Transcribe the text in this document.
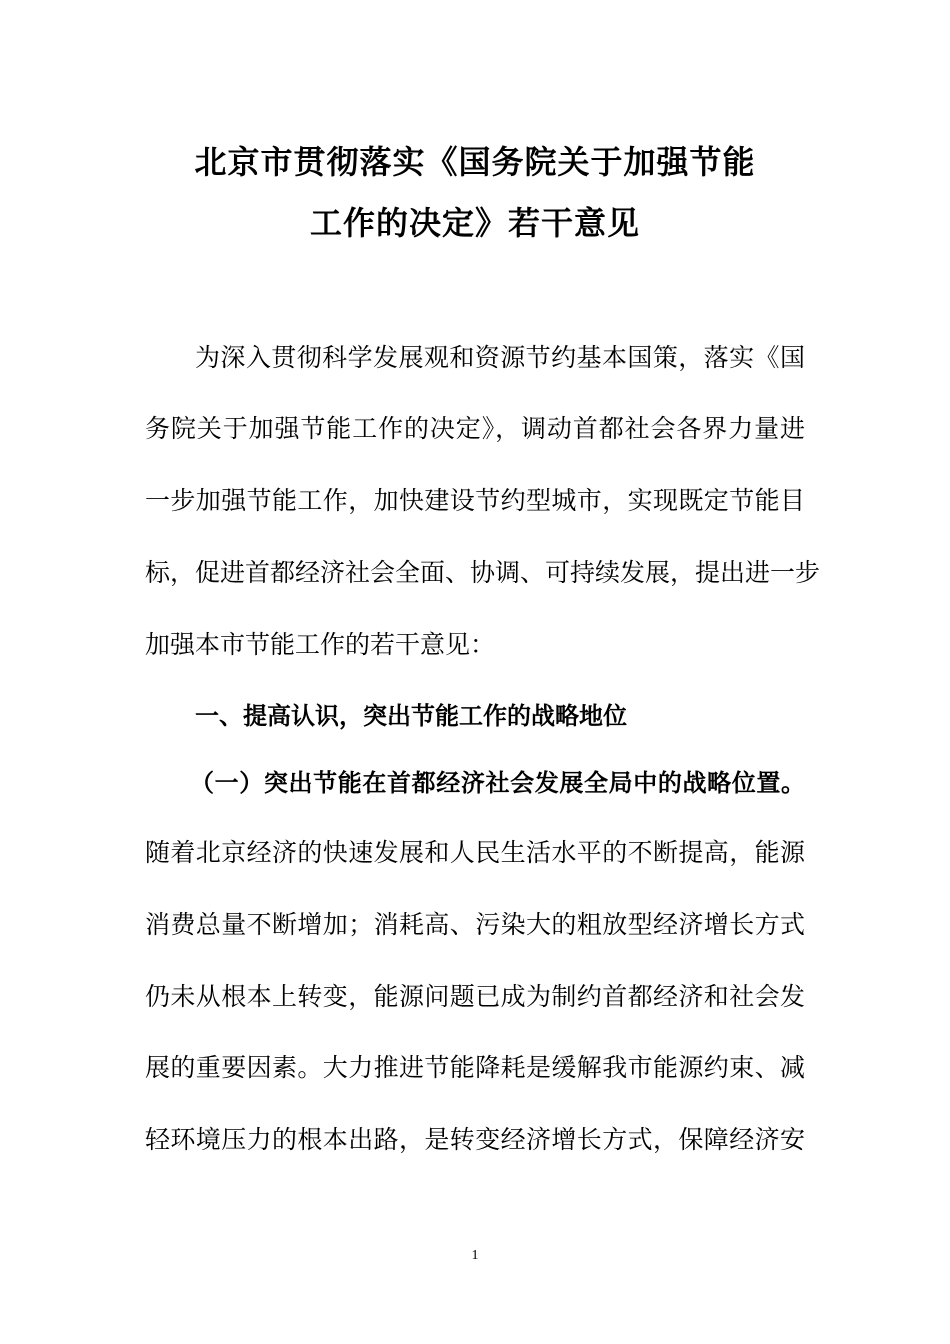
北京市贯彻落实《国务院关于加强节能
工作的决定》若干意见
为深入贯彻科学发展观和资源节约基本国策，落实《国
务院关于加强节能工作的决定》，调动首都社会各界力量进
一步加强节能工作，加快建设节约型城市，实现既定节能目
标，促进首都经济社会全面、协调、可持续发展，提出进一步
加强本市节能工作的若干意见：
一、提高认识，突出节能工作的战略地位
（一）突出节能在首都经济社会发展全局中的战略位置。
随着北京经济的快速发展和人民生活水平的不断提高，能源
消费总量不断增加；消耗高、污染大的粗放型经济增长方式
仍未从根本上转变，能源问题已成为制约首都经济和社会发
展的重要因素。大力推进节能降耗是缓解我市能源约束、减
轻环境压力的根本出路，是转变经济增长方式，保障经济安
1
